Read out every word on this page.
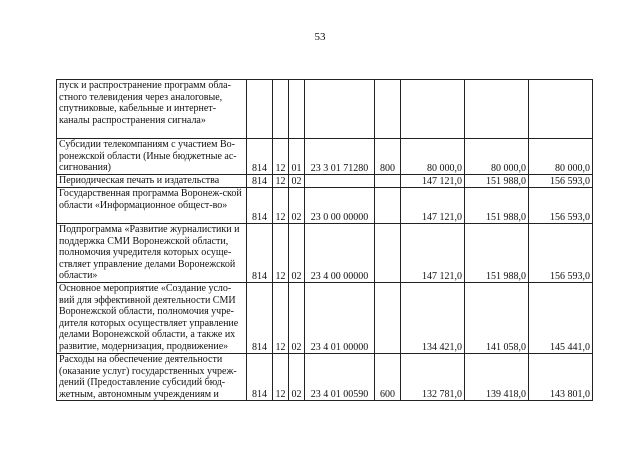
53
пуск и распространение программ обла-стного телевидения через аналоговые, спутниковые, кабельные и интернет-каналы распространения сигнала»								
Субсидии телекомпаниям с участием Во-ронежской области (Иные бюджетные ас-сигнования)	814	12	01	23 3 01 71280	800	80 000,0	80 000,0	80 000,0
Периодическая печать и издательства	814	12	02			147 121,0	151 988,0	156 593,0
Государственная программа Воронеж-ской области «Информационное общест-во»	814	12	02	23 0 00 00000		147 121,0	151 988,0	156 593,0
Подпрограмма «Развитие журналистики и поддержка СМИ Воронежской области, полномочия учредителя которых осуще-ствляет управление делами Воронежской области»	814	12	02	23 4 00 00000		147 121,0	151 988,0	156 593,0
Основное мероприятие «Создание усло-вий для эффективной деятельности СМИ Воронежской области, полномочия учре-дителя которых осуществляет управление делами Воронежской области, а также их развитие, модернизация, продвижение»	814	12	02	23 4 01 00000		134 421,0	141 058,0	145 441,0
Расходы на обеспечение деятельности (оказание услуг) государственных учреж-дений (Предоставление субсидий бюд-жетным, автономным учреждениям и	814	12	02	23 4 01 00590	600	132 781,0	139 418,0	143 801,0
